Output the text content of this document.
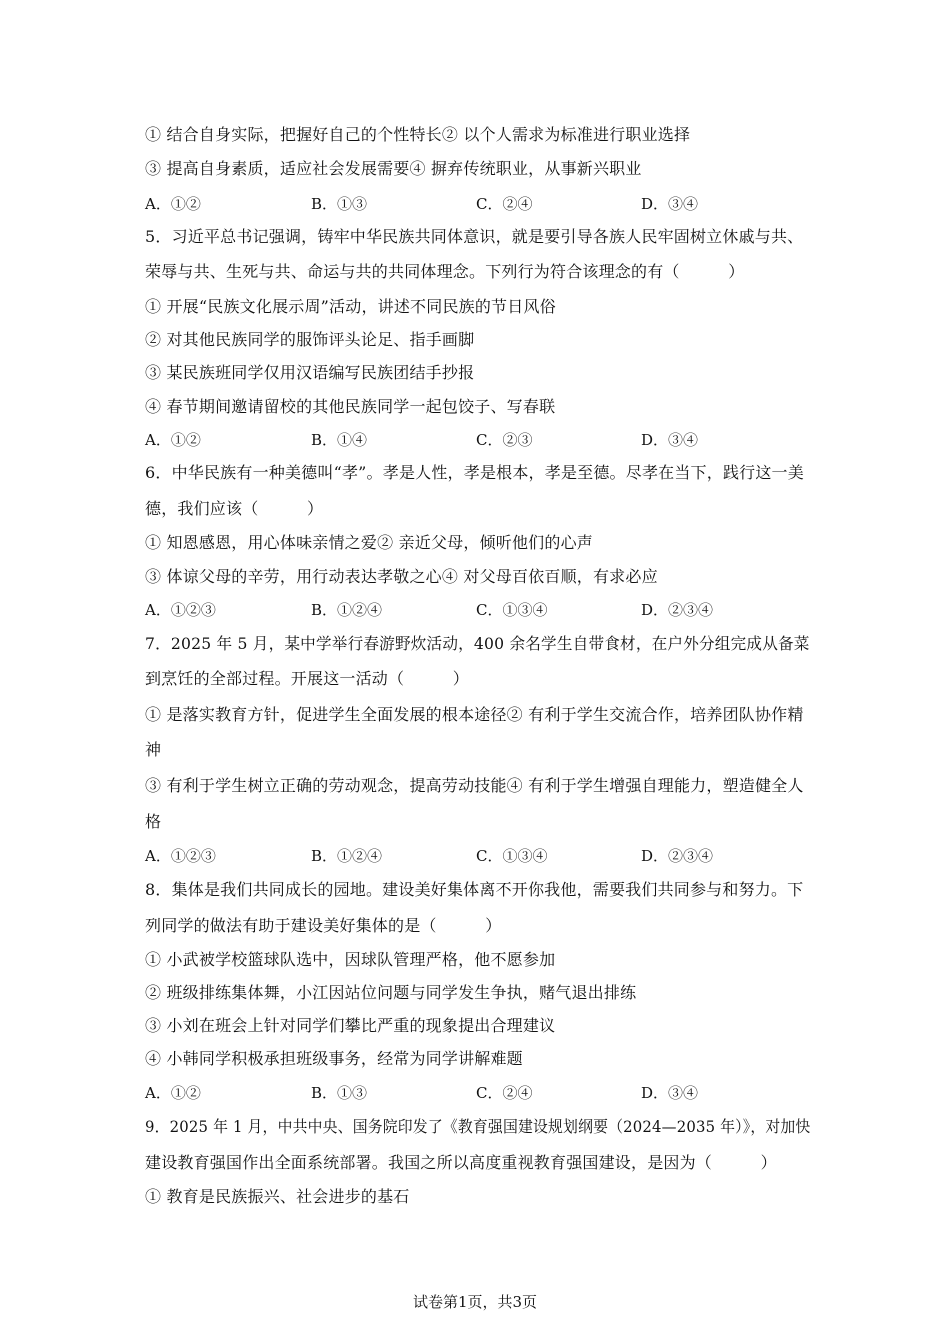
① 结合自身实际，把握好自己的个性特长② 以个人需求为标准进行职业选择
③ 提高自身素质，适应社会发展需要④ 摒弃传统职业，从事新兴职业
A．①②	B．①③	C．②④	D．③④
5．习近平总书记强调，铸牢中华民族共同体意识，就是要引导各族人民牢固树立休戚与共、
荣辱与共、生死与共、命运与共的共同体理念。下列行为符合该理念的有（　　　）
① 开展“民族文化展示周”活动，讲述不同民族的节日风俗
② 对其他民族同学的服饰评头论足、指手画脚
③ 某民族班同学仅用汉语编写民族团结手抄报
④ 春节期间邀请留校的其他民族同学一起包饺子、写春联
A．①②	B．①④	C．②③	D．③④
6．中华民族有一种美德叫“孝”。孝是人性，孝是根本，孝是至德。尽孝在当下，践行这一美
德，我们应该（　　　）
① 知恩感恩，用心体味亲情之爱② 亲近父母，倾听他们的心声
③ 体谅父母的辛劳，用行动表达孝敬之心④ 对父母百依百顺，有求必应
A．①②③	B．①②④	C．①③④	D．②③④
7．2025 年 5 月，某中学举行春游野炊活动，400 余名学生自带食材，在户外分组完成从备菜
到烹饪的全部过程。开展这一活动（　　　）
① 是落实教育方针，促进学生全面发展的根本途径② 有利于学生交流合作，培养团队协作精
神
③ 有利于学生树立正确的劳动观念，提高劳动技能④ 有利于学生增强自理能力，塑造健全人
格
A．①②③	B．①②④	C．①③④	D．②③④
8．集体是我们共同成长的园地。建设美好集体离不开你我他，需要我们共同参与和努力。下
列同学的做法有助于建设美好集体的是（　　　）
① 小武被学校篮球队选中，因球队管理严格，他不愿参加
② 班级排练集体舞，小江因站位问题与同学发生争执，赌气退出排练
③ 小刘在班会上针对同学们攀比严重的现象提出合理建议
④ 小韩同学积极承担班级事务，经常为同学讲解难题
A．①②	B．①③	C．②④	D．③④
9．2025 年 1 月，中共中央、国务院印发了《教育强国建设规划纲要（2024—2035 年）》，对加快
建设教育强国作出全面系统部署。我国之所以高度重视教育强国建设，是因为（　　　）
① 教育是民族振兴、社会进步的基石
试卷第1页，共3页
